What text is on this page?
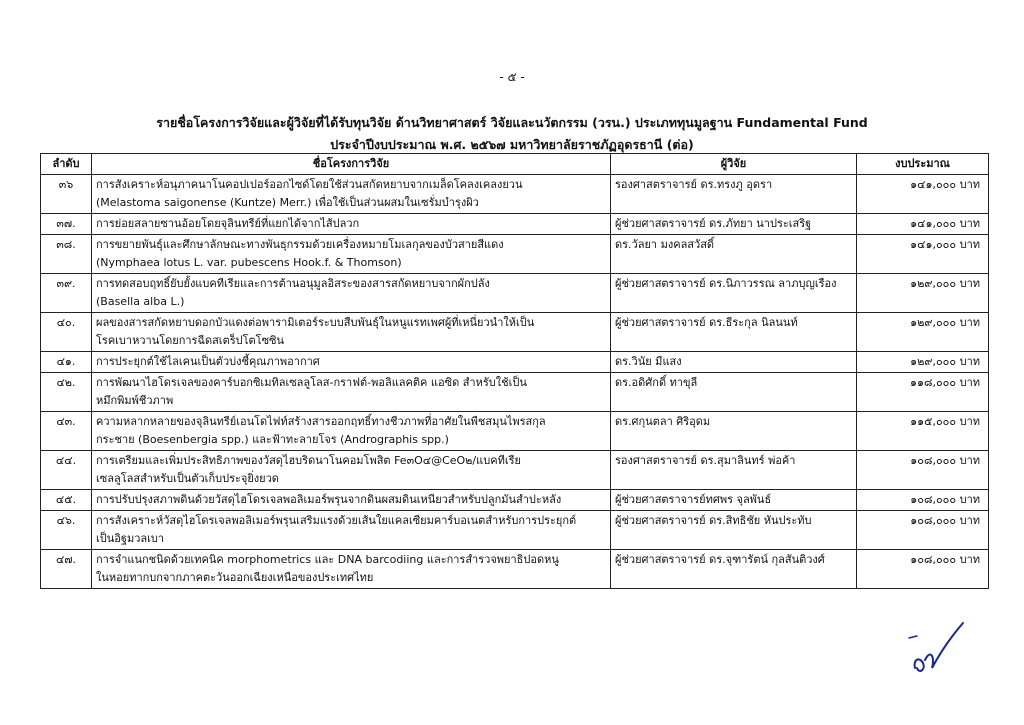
- ๕ -
รายชื่อโครงการวิจัยและผู้วิจัยที่ได้รับทุนวิจัย ด้านวิทยาศาสตร์ วิจัยและนวัตกรรม (วรน.) ประเภททุนมูลฐาน Fundamental Fund
ประจำปีงบประมาณ พ.ศ. ๒๕๖๗ มหาวิทยาลัยราชภัฏอุดรธานี (ต่อ)
ลำดับ	ชื่อโครงการวิจัย	ผู้วิจัย	งบประมาณ
๓๖	การสังเคราะห์อนุภาคนาโนคอปเปอร์ออกไซด์โดยใช้ส่วนสกัดหยาบจากเมล็ดโคลงเคลงยวน
(Melastoma saigonense (Kuntze) Merr.) เพื่อใช้เป็นส่วนผสมในเซรั่มบำรุงผิว	รองศาสตราจารย์ ดร.ทรงภู อุดรา	๑๔๑,๐๐๐ บาท
๓๗.	การย่อยสลายซานอ้อยโดยจุลินทรีย์ที่แยกได้จากไส้ปลวก	ผู้ช่วยศาสตราจารย์ ดร.ภัทยา นาประเสริฐ	๑๔๑,๐๐๐ บาท
๓๘.	การขยายพันธุ์และศึกษาลักษณะทางพันธุกรรมด้วยเครื่องหมายโมเลกุลของบัวสายสีแดง
(Nymphaea lotus L. var. pubescens Hook.f. & Thomson)	ดร.วัลยา มงคลสวัสดิ์	๑๔๑,๐๐๐ บาท
๓๙.	การทดสอบฤทธิ์ยับยั้งแบคทีเรียและการต้านอนุมูลอิสระของสารสกัดหยาบจากผักปลัง
(Basella alba L.)	ผู้ช่วยศาสตราจารย์ ดร.นิภาวรรณ ลาภบุญเรือง	๑๒๙,๐๐๐ บาท
๔๐.	ผลของสารสกัดหยาบดอกบัวแดงต่อพารามิเตอร์ระบบสืบพันธุ์ในหนูแรทเพศผู้ที่เหนี่ยวนำให้เป็น
โรคเบาหวานโดยการฉีดสเตร็ปโตโซซิน	ผู้ช่วยศาสตราจารย์ ดร.ธีระกุล นิลนนท์	๑๒๙,๐๐๐ บาท
๔๑.	การประยุกต์ใช้ไลเคนเป็นตัวบ่งชี้คุณภาพอากาศ	ดร.วินัย มีแสง	๑๒๙,๐๐๐ บาท
๔๒.	การพัฒนาไฮโดรเจลของคาร์บอกซิเมทิลเซลลูโลส-กราฟต์-พอลิแลคติค แอซิด สำหรับใช้เป็น
หมึกพิมพ์ชีวภาพ	ดร.อดิศักดิ์ ทาขุลี	๑๑๘,๐๐๐ บาท
๔๓.	ความหลากหลายของจุลินทรีย์เอนโดไฟท์สร้างสารออกฤทธิ์ทางชีวภาพที่อาศัยในพืชสมุนไพรสกุล
กระชาย (Boesenbergia spp.) และฟ้าทะลายโจร (Andrographis spp.)	ดร.ศกุนตลา ศิริอุดม	๑๑๕,๐๐๐ บาท
๔๔.	การเตรียมและเพิ่มประสิทธิภาพของวัสดุไฮบริดนาโนคอมโพสิต Fe๓O๔@CeO๒/แบคทีเรีย
เซลลูโลสสำหรับเป็นตัวเก็บประจุยิ่งยวด	รองศาสตราจารย์ ดร.สุมาลินทร์ พ่อค้า	๑๐๘,๐๐๐ บาท
๔๕.	การปรับปรุงสภาพดินด้วยวัสดุไฮโดรเจลพอลิเมอร์พรุนจากดินผสมดินเหนียวสำหรับปลูกมันสำปะหลัง	ผู้ช่วยศาสตราจารย์ทศพร จุลพันธ์	๑๐๘,๐๐๐ บาท
๔๖.	การสังเคราะห์วัสดุไฮโดรเจลพอลิเมอร์พรุนเสริมแรงด้วยเส้นใยแคลเซียมคาร์บอเนตสำหรับการประยุกต์
เป็นอิฐมวลเบา	ผู้ช่วยศาสตราจารย์ ดร.สิทธิชัย หันประทับ	๑๐๘,๐๐๐ บาท
๔๗.	การจำแนกชนิดด้วยเทคนิค morphometrics และ DNA barcodiing และการสำรวจพยาธิปอดหนู
ในหอยทากบกจากภาคตะวันออกเฉียงเหนือของประเทศไทย	ผู้ช่วยศาสตราจารย์ ดร.จุฑารัตน์ กุลสันติวงศ์	๑๐๘,๐๐๐ บาท
